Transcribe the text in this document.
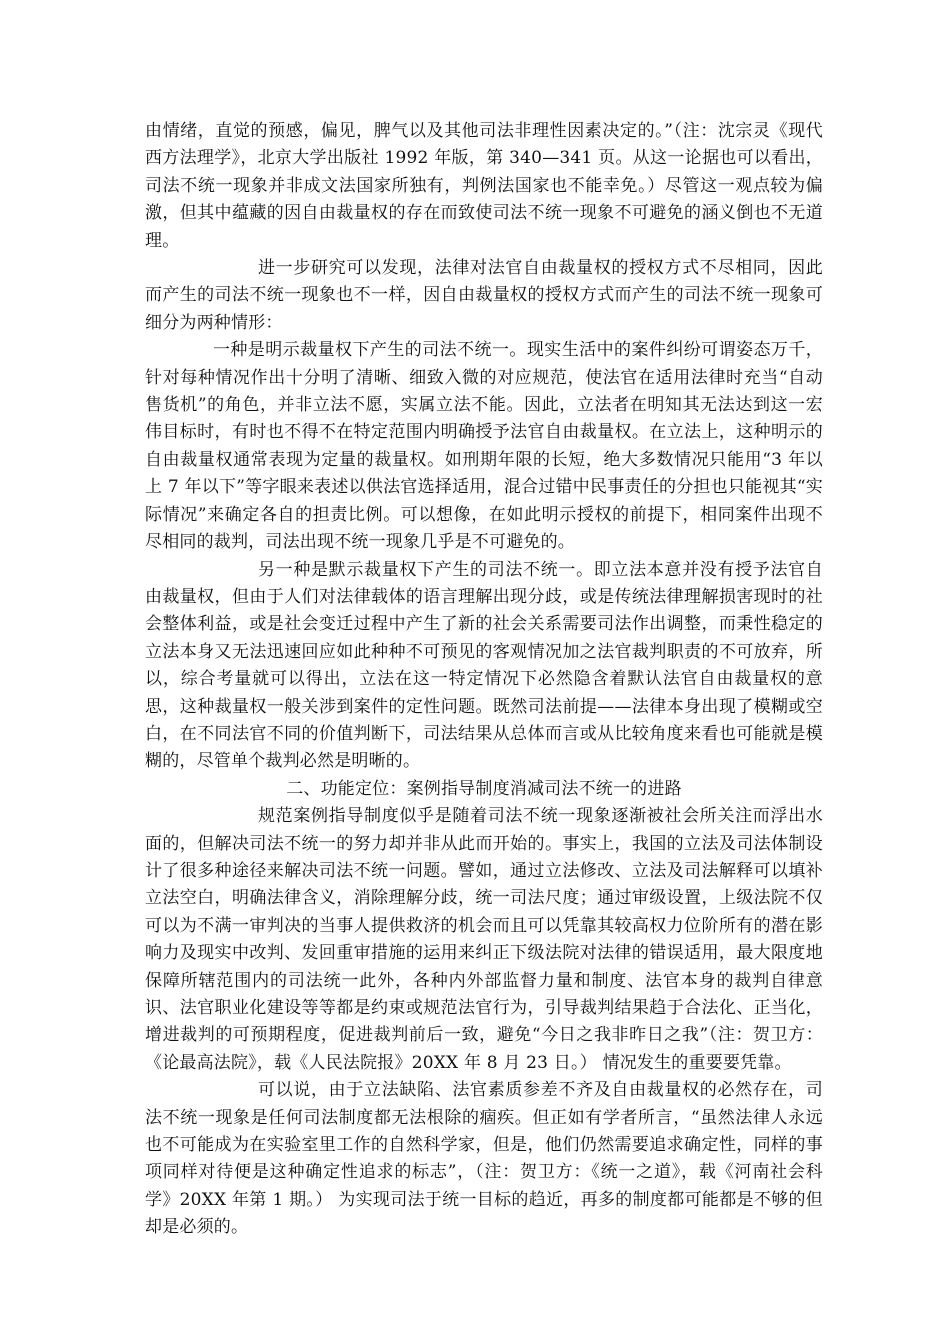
由情绪，直觉的预感，偏见，脾气以及其他司法非理性因素决定的。”（注：沈宗灵《现代西方法理学》，北京大学出版社 1992 年版，第 340—341 页。从这一论据也可以看出，司法不统一现象并非成文法国家所独有，判例法国家也不能幸免。）尽管这一观点较为偏激，但其中蕴藏的因自由裁量权的存在而致使司法不统一现象不可避免的涵义倒也不无道理。

进一步研究可以发现，法律对法官自由裁量权的授权方式不尽相同，因此而产生的司法不统一现象也不一样，因自由裁量权的授权方式而产生的司法不统一现象可细分为两种情形：

一种是明示裁量权下产生的司法不统一。现实生活中的案件纠纷可谓姿态万千，针对每种情况作出十分明了清晰、细致入微的对应规范，使法官在适用法律时充当“自动售货机”的角色，并非立法不愿，实属立法不能。因此，立法者在明知其无法达到这一宏伟目标时，有时也不得不在特定范围内明确授予法官自由裁量权。在立法上，这种明示的自由裁量权通常表现为定量的裁量权。如刑期年限的长短，绝大多数情况只能用“3 年以上 7 年以下”等字眼来表述以供法官选择适用，混合过错中民事责任的分担也只能视其“实际情况”来确定各自的担责比例。可以想像，在如此明示授权的前提下，相同案件出现不尽相同的裁判，司法出现不统一现象几乎是不可避免的。

另一种是默示裁量权下产生的司法不统一。即立法本意并没有授予法官自由裁量权，但由于人们对法律载体的语言理解出现分歧，或是传统法律理解损害现时的社会整体利益，或是社会变迁过程中产生了新的社会关系需要司法作出调整，而秉性稳定的立法本身又无法迅速回应如此种种不可预见的客观情况加之法官裁判职责的不可放弃，所以，综合考量就可以得出，立法在这一特定情况下必然隐含着默认法官自由裁量权的意思，这种裁量权一般关涉到案件的定性问题。既然司法前提——法律本身出现了模糊或空白，在不同法官不同的价值判断下，司法结果从总体而言或从比较角度来看也可能就是模糊的，尽管单个裁判必然是明晰的。

二、功能定位：案例指导制度消减司法不统一的进路

规范案例指导制度似乎是随着司法不统一现象逐渐被社会所关注而浮出水面的，但解决司法不统一的努力却并非从此而开始的。事实上，我国的立法及司法体制设计了很多种途径来解决司法不统一问题。譬如，通过立法修改、立法及司法解释可以填补立法空白，明确法律含义，消除理解分歧，统一司法尺度；通过审级设置，上级法院不仅可以为不满一审判决的当事人提供救济的机会而且可以凭靠其较高权力位阶所有的潜在影响力及现实中改判、发回重审措施的运用来纠正下级法院对法律的错误适用，最大限度地保障所辖范围内的司法统一此外，各种内外部监督力量和制度、法官本身的裁判自律意识、法官职业化建设等等都是约束或规范法官行为，引导裁判结果趋于合法化、正当化，增进裁判的可预期程度，促进裁判前后一致，避免“今日之我非昨日之我”（注：贺卫方：《论最高法院》，载《人民法院报》20XX 年 8 月 23 日。） 情况发生的重要要凭靠。

可以说，由于立法缺陷、法官素质参差不齐及自由裁量权的必然存在，司法不统一现象是任何司法制度都无法根除的痼疾。但正如有学者所言，“虽然法律人永远也不可能成为在实验室里工作的自然科学家，但是，他们仍然需要追求确定性，同样的事项同样对待便是这种确定性追求的标志”，（注：贺卫方：《统一之道》，载《河南社会科学》20XX 年第 1 期。） 为实现司法于统一目标的趋近，再多的制度都可能都是不够的但却是必须的。
